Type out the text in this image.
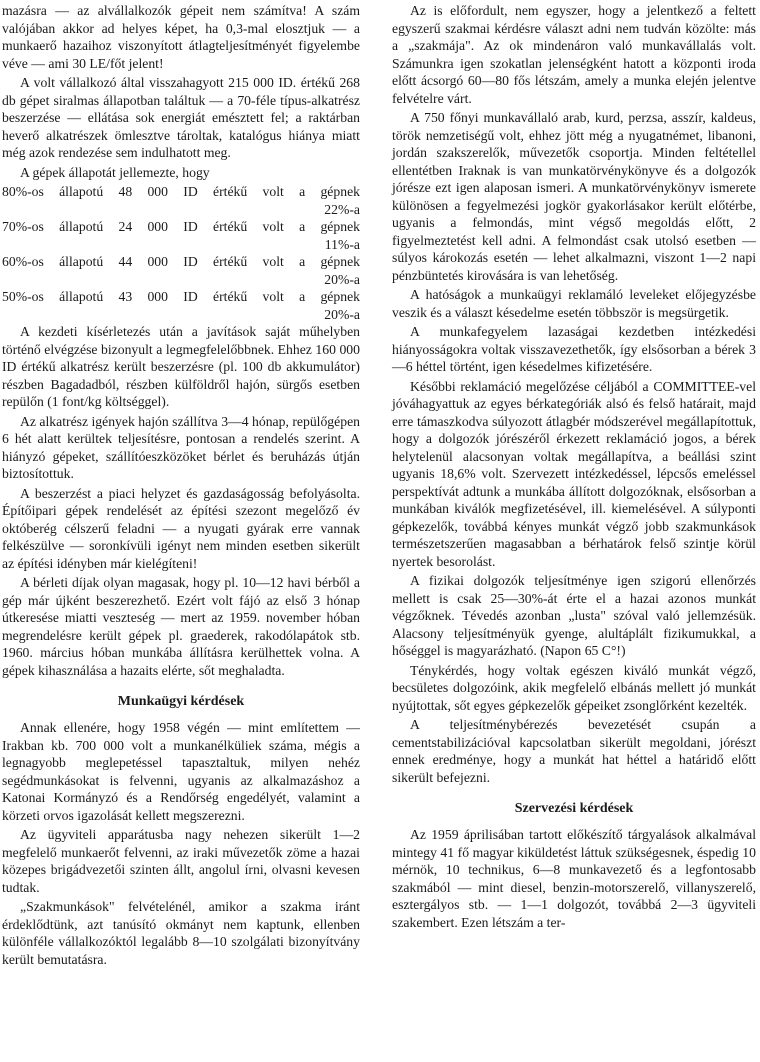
mazásra — az alvállalkozók gépeit nem számítva! A szám valójában akkor ad helyes képet, ha 0,3-mal elosztjuk — a munkaerő hazaihoz viszonyított átlagteljesítményét figyelembe véve — ami 30 LE/főt jelent!

A volt vállalkozó által visszahagyott 215 000 ID. értékű 268 db gépet siralmas állapotban találtuk — a 70-féle típus-alkatrész beszerzése — ellátása sok energiát emésztett fel; a raktárban heverő alkatrészek ömlesztve tároltak, katalógus hiánya miatt még azok rendezése sem indulhatott meg.

A gépek állapotát jellemezte, hogy

80%-os állapotú 48 000 ID értékű volt a gépnek
22%-a
70%-os állapotú 24 000 ID értékű volt a gépnek
11%-a
60%-os állapotú 44 000 ID értékű volt a gépnek
20%-a
50%-os állapotú 43 000 ID értékű volt a gépnek
20%-a

A kezdeti kísérletezés után a javítások saját műhelyben történő elvégzése bizonyult a legmegfelelőbbnek. Ehhez 160 000 ID értékű alkatrész került beszerzésre (pl. 100 db akkumulátor) részben Bagadadból, részben külföldről hajón, sürgős esetben repülőn (1 font/kg költséggel).

Az alkatrész igények hajón szállítva 3—4 hónap, repülőgépen 6 hét alatt kerültek teljesítésre, pontosan a rendelés szerint. A hiányzó gépeket, szállítóeszközöket bérlet és beruházás útján biztosítottuk.

A beszerzést a piaci helyzet és gazdaságosság befolyásolta. Építőipari gépek rendelését az építési szezont megelőző év októberég célszerű feladni — a nyugati gyárak erre vannak felkészülve — soronkívüli igényt nem minden esetben sikerült az építési idényben már kielégíteni!

A bérleti díjak olyan magasak, hogy pl. 10—12 havi bérből a gép már újként beszerezhető. Ezért volt fájó az első 3 hónap útkeresése miatti veszteség — mert az 1959. november hóban megrendelésre került gépek pl. graederek, rakodólapátok stb. 1960. március hóban munkába állításra kerülhettek volna. A gépek kihasználása a hazaits elérte, sőt meghaladta.

Munkaügyi kérdések

Annak ellenére, hogy 1958 végén — mint említettem — Irakban kb. 700 000 volt a munkanélküliek száma, mégis a legnagyobb meglepetéssel tapasztaltuk, milyen nehéz segédmunkásokat is felvenni, ugyanis az alkalmazáshoz a Katonai Kormányzó és a Rendőrség engedélyét, valamint a körzeti orvos igazolását kellett megszerezni.

Az ügyviteli apparátusba nagy nehezen sikerült 1—2 megfelelő munkaerőt felvenni, az iraki művezetők zöme a hazai közepes brigádvezetői szinten állt, angolul írni, olvasni kevesen tudtak.

„Szakmunkások" felvételénél, amikor a szakma iránt érdeklődtünk, azt tanúsító okmányt nem kaptunk, ellenben különféle vállalkozóktól legalább 8—10 szolgálati bizonyítvány került bemutatásra.

Az is előfordult, nem egyszer, hogy a jelentkező a feltett egyszerű szakmai kérdésre választ adni nem tudván közölte: más a „szakmája". Az ok mindenáron való munkavállalás volt. Számunkra igen szokatlan jelenségként hatott a központi iroda előtt ácsorgó 60—80 fős létszám, amely a munka elején jelentve felvételre várt.

A 750 főnyi munkavállaló arab, kurd, perzsa, asszír, kaldeus, török nemzetiségű volt, ehhez jött még a nyugatnémet, libanoni, jordán szakszerelők, művezetők csoportja. Minden feltétellel ellentétben Iraknak is van munkatörvénykönyve és a dolgozók jórésze ezt igen alaposan ismeri. A munkatörvénykönyv ismerete különösen a fegyelmezési jogkör gyakorlásakor került előtérbe, ugyanis a felmondás, mint végső megoldás előtt, 2 figyelmeztetést kell adni. A felmondást csak utolsó esetben — súlyos károkozás esetén — lehet alkalmazni, viszont 1—2 napi pénzbüntetés kirovására is van lehetőség.

A hatóságok a munkaügyi reklamáló leveleket előjegyzésbe veszik és a választ késedelme esetén többször is megsürgetik.

A munkafegyelem lazaságai kezdetben intézkedési hiányosságokra voltak visszavezethetők, így elsősorban a bérek 3—6 héttel történt, igen késedelmes kifizetésére.

Későbbi reklamáció megelőzése céljából a COMMITTEE-vel jóváhagyattuk az egyes bérkategóriák alsó és felső határait, majd erre támaszkodva súlyozott átlagbér módszerével megállapítottuk, hogy a dolgozók jórészéről érkezett reklamáció jogos, a bérek helytelenül alacsonyan voltak megállapítva, a beállási szint ugyanis 18,6% volt. Szervezett intézkedéssel, lépcsős emeléssel perspektívát adtunk a munkába állított dolgozóknak, elsősorban a munkában kiválók megfizetésével, ill. kiemelésével. A súlyponti gépkezelők, továbbá kényes munkát végző jobb szakmunkások természetszerűen magasabban a bérhatárok felső szintje körül nyertek besorolást.

A fizikai dolgozók teljesítménye igen szigorú ellenőrzés mellett is csak 25—30%-át érte el a hazai azonos munkát végzőknek. Tévedés azonban „lusta" szóval való jellemzésük. Alacsony teljesítményük gyenge, alultáplált fizikumukkal, a hőséggel is magyarázható. (Napon 65 C°!)

Ténykérdés, hogy voltak egészen kiváló munkát végző, becsületes dolgozóink, akik megfelelő elbánás mellett jó munkát nyújtottak, sőt egyes gépkezelők gépeiket zsonglőrként kezelték.

A teljesítménybérezés bevezetését csupán a cementstabilizációval kapcsolatban sikerült megoldani, jórészt ennek eredménye, hogy a munkát hat héttel a határidő előtt sikerült befejezni.

Szervezési kérdések

Az 1959 áprilisában tartott előkészítő tárgyalások alkalmával mintegy 41 fő magyar kiküldetést láttuk szükségesnek, éspedig 10 mérnök, 10 technikus, 6—8 munkavezető és a legfontosabb szakmából — mint diesel, benzin-motorszerelő, villanyszerelő, esztergályos stb. — 1—1 dolgozót, továbbá 2—3 ügyviteli szakembert. Ezen létszám a ter-
